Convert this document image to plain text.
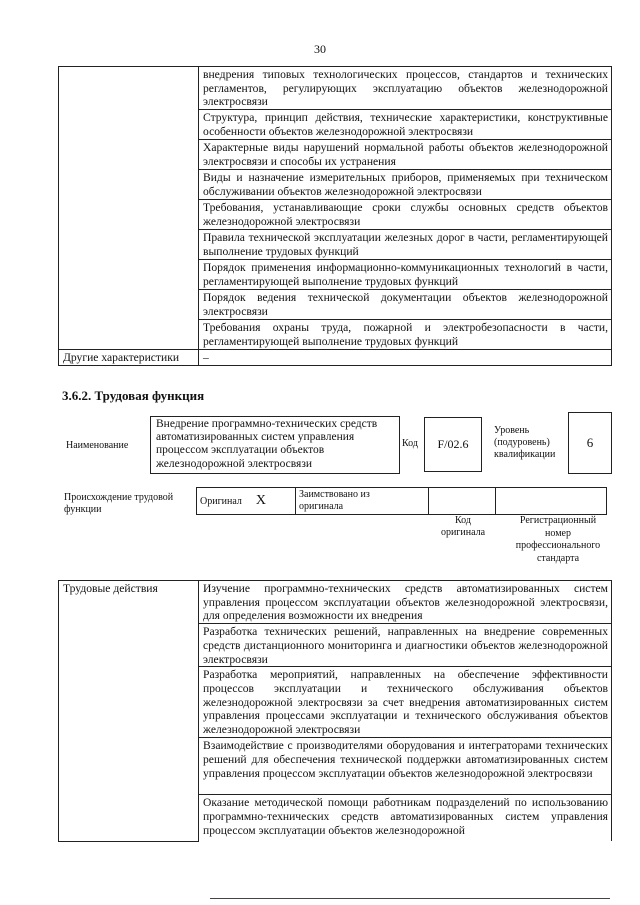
30
	внедрения типовых технологических процессов, стандартов и технических регламентов, регулирующих эксплуатацию объектов железнодорожной электросвязи
	Структура, принцип действия, технические характеристики, конструктивные особенности объектов железнодорожной электросвязи
	Характерные виды нарушений нормальной работы объектов железнодорожной электросвязи и способы их устранения
	Виды и назначение измерительных приборов, применяемых при техническом обслуживании объектов железнодорожной электросвязи
	Требования, устанавливающие сроки службы основных средств объектов железнодорожной электросвязи
	Правила технической эксплуатации железных дорог в части, регламентирующей выполнение трудовых функций
	Порядок применения информационно-коммуникационных технологий в части, регламентирующей выполнение трудовых функций
	Порядок ведения технической документации объектов железнодорожной электросвязи
	Требования охраны труда, пожарной и электробезопасности в части, регламентирующей выполнение трудовых функций
Другие характеристики	–
3.6.2. Трудовая функция
Наименование
Внедрение программно-технических средств автоматизированных систем управления процессом эксплуатации объектов железнодорожной электросвязи
Код	F/02.6
Уровень
(подуровень)
квалификации
6
Происхождение трудовой
функции
Оригинал X	Заимствовано из
оригинала

Код
оригинала
Регистрационный
номер
профессионального
стандарта
Трудовые действия	Изучение программно-технических средств автоматизированных систем управления процессом эксплуатации объектов железнодорожной электросвязи, для определения возможности их внедрения
Разработка технических решений, направленных на внедрение современных средств дистанционного мониторинга и диагностики объектов железнодорожной электросвязи
Разработка мероприятий, направленных на обеспечение эффективности процессов эксплуатации и технического обслуживания объектов железнодорожной электросвязи за счет внедрения автоматизированных систем управления процессами эксплуатации и технического обслуживания объектов железнодорожной электросвязи
Взаимодействие с производителями оборудования и интеграторами технических решений для обеспечения технической поддержки автоматизированных систем управления процессом эксплуатации объектов железнодорожной электросвязи
Оказание методической помощи работникам подразделений по использованию программно-технических средств автоматизированных систем управления процессом эксплуатации объектов железнодорожной
